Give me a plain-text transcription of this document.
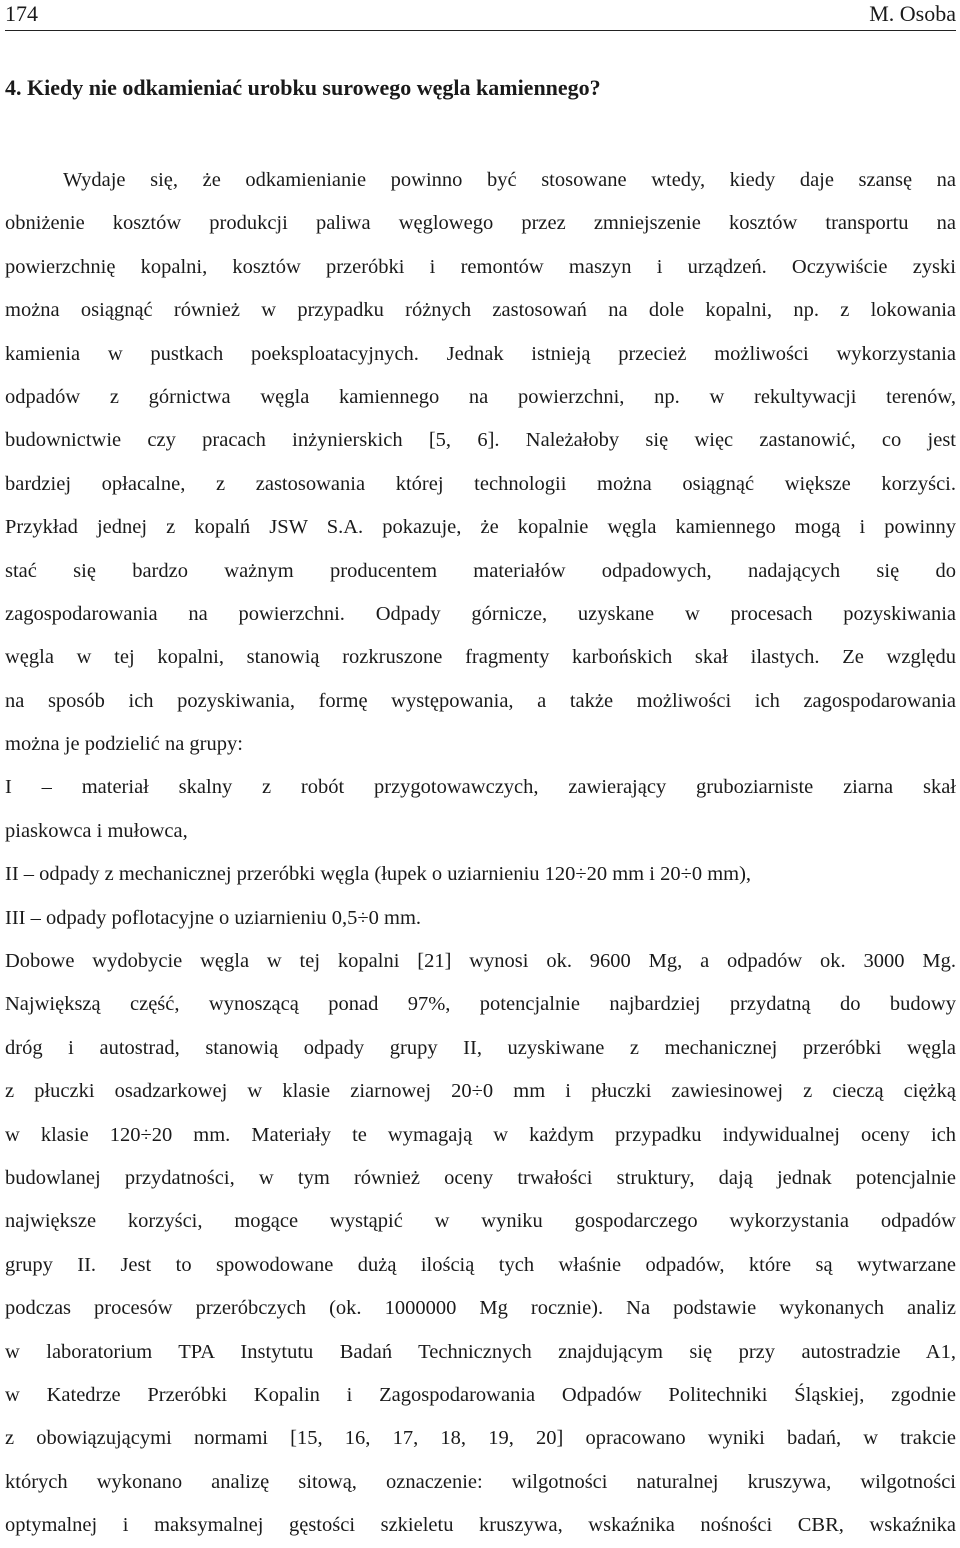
174	M. Osoba
4. Kiedy nie odkamieniać urobku surowego węgla kamiennego?
Wydaje się, że odkamienianie powinno być stosowane wtedy, kiedy daje szansę na
obniżenie kosztów produkcji paliwa węglowego przez zmniejszenie kosztów transportu na
powierzchnię kopalni, kosztów przeróbki i remontów maszyn i urządzeń. Oczywiście zyski
można osiągnąć również w przypadku różnych zastosowań na dole kopalni, np. z lokowania
kamienia w pustkach poeksploatacyjnych. Jednak istnieją przecież możliwości wykorzystania
odpadów z górnictwa węgla kamiennego na powierzchni, np. w rekultywacji terenów,
budownictwie czy pracach inżynierskich [5, 6]. Należałoby się więc zastanowić, co jest
bardziej opłacalne, z zastosowania której technologii można osiągnąć większe korzyści.
Przykład jednej z kopalń JSW S.A. pokazuje, że kopalnie węgla kamiennego mogą i powinny
stać się bardzo ważnym producentem materiałów odpadowych, nadających się do
zagospodarowania na powierzchni. Odpady górnicze, uzyskane w procesach pozyskiwania
węgla w tej kopalni, stanowią rozkruszone fragmenty karbońskich skał ilastych. Ze względu
na sposób ich pozyskiwania, formę występowania, a także możliwości ich zagospodarowania
można je podzielić na grupy:
I – materiał skalny z robót przygotowawczych, zawierający gruboziarniste ziarna skał
piaskowca i mułowca,
II – odpady z mechanicznej przeróbki węgla (łupek o uziarnieniu 120÷20 mm i 20÷0 mm),
III – odpady poflotacyjne o uziarnieniu 0,5÷0 mm.
Dobowe wydobycie węgla w tej kopalni [21] wynosi ok. 9600 Mg, a odpadów ok. 3000 Mg.
Największą część, wynoszącą ponad 97%, potencjalnie najbardziej przydatną do budowy
dróg i autostrad, stanowią odpady grupy II, uzyskiwane z mechanicznej przeróbki węgla
z płuczki osadzarkowej w klasie ziarnowej 20÷0 mm i płuczki zawiesinowej z cieczą ciężką
w klasie 120÷20 mm. Materiały te wymagają w każdym przypadku indywidualnej oceny ich
budowlanej przydatności, w tym również oceny trwałości struktury, dają jednak potencjalnie
największe korzyści, mogące wystąpić w wyniku gospodarczego wykorzystania odpadów
grupy II. Jest to spowodowane dużą ilością tych właśnie odpadów, które są wytwarzane
podczas procesów przeróbczych (ok. 1000000 Mg rocznie). Na podstawie wykonanych analiz
w laboratorium TPA Instytutu Badań Technicznych znajdującym się przy autostradzie A1,
w Katedrze Przeróbki Kopalin i Zagospodarowania Odpadów Politechniki Śląskiej, zgodnie
z obowiązującymi normami [15, 16, 17, 18, 19, 20] opracowano wyniki badań, w trakcie
których wykonano analizę sitową, oznaczenie: wilgotności naturalnej kruszywa, wilgotności
optymalnej i maksymalnej gęstości szkieletu kruszywa, wskaźnika nośności CBR, wskaźnika
